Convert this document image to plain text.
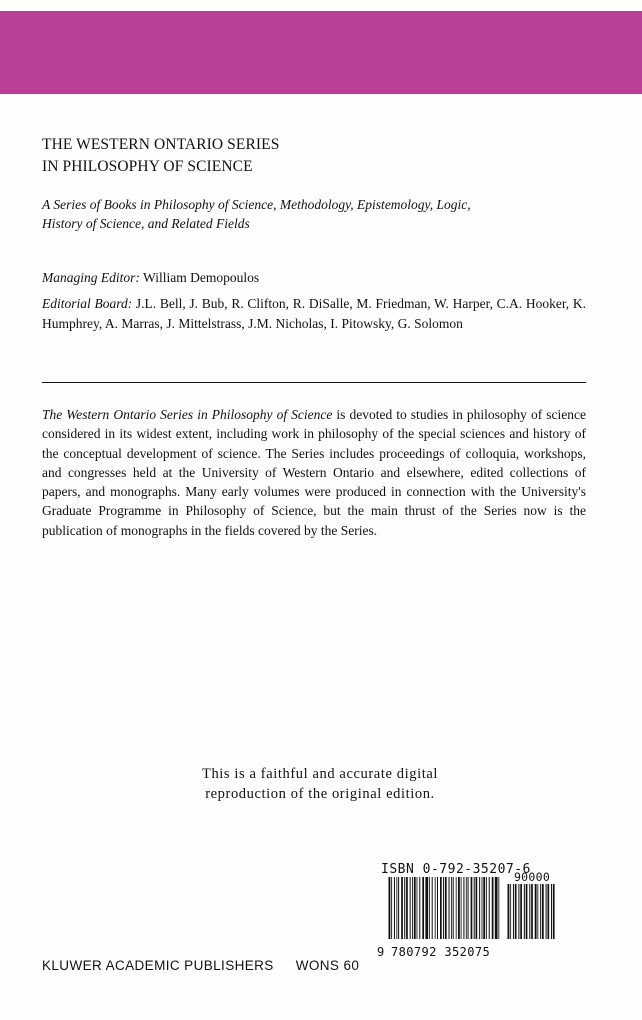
THE WESTERN ONTARIO SERIES
IN PHILOSOPHY OF SCIENCE
A Series of Books in Philosophy of Science, Methodology, Epistemology, Logic,
History of Science, and Related Fields
Managing Editor: William Demopoulos
Editorial Board: J.L. Bell, J. Bub, R. Clifton, R. DiSalle, M. Friedman, W. Harper, C.A. Hooker, K. Humphrey, A. Marras, J. Mittelstrass, J.M. Nicholas, I. Pitowsky, G. Solomon
The Western Ontario Series in Philosophy of Science is devoted to studies in philosophy of science considered in its widest extent, including work in philosophy of the special sciences and history of the conceptual development of science. The Series includes proceedings of colloquia, workshops, and congresses held at the University of Western Ontario and elsewhere, edited collections of papers, and monographs. Many early volumes were produced in connection with the University's Graduate Programme in Philosophy of Science, but the main thrust of the Series now is the publication of monographs in the fields covered by the Series.
This is a faithful and accurate digital
reproduction of the original edition.
ISBN 0-792-35207-6
90000
9 780792 352075
KLUWER ACADEMIC PUBLISHERS WONS 60
